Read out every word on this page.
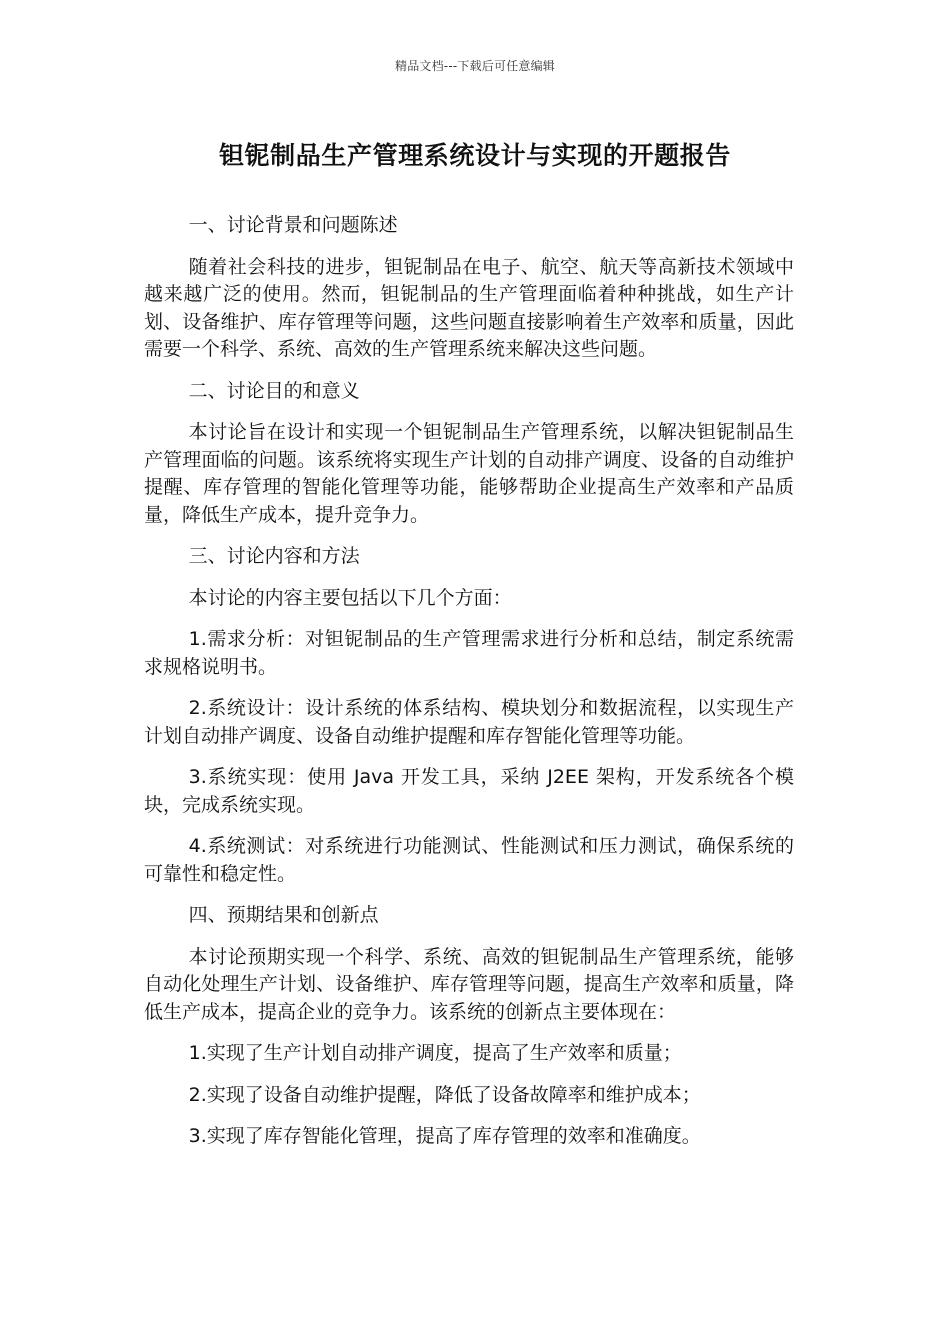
精品文档---下载后可任意编辑
钽铌制品生产管理系统设计与实现的开题报告

一、讨论背景和问题陈述

随着社会科技的进步，钽铌制品在电子、航空、航天等高新技术领域中越来越广泛的使用。然而，钽铌制品的生产管理面临着种种挑战，如生产计划、设备维护、库存管理等问题，这些问题直接影响着生产效率和质量，因此需要一个科学、系统、高效的生产管理系统来解决这些问题。

二、讨论目的和意义

本讨论旨在设计和实现一个钽铌制品生产管理系统，以解决钽铌制品生产管理面临的问题。该系统将实现生产计划的自动排产调度、设备的自动维护提醒、库存管理的智能化管理等功能，能够帮助企业提高生产效率和产品质量，降低生产成本，提升竞争力。

三、讨论内容和方法

本讨论的内容主要包括以下几个方面：

1.需求分析：对钽铌制品的生产管理需求进行分析和总结，制定系统需求规格说明书。

2.系统设计：设计系统的体系结构、模块划分和数据流程，以实现生产计划自动排产调度、设备自动维护提醒和库存智能化管理等功能。

3.系统实现：使用 Java 开发工具，采纳 J2EE 架构，开发系统各个模块，完成系统实现。

4.系统测试：对系统进行功能测试、性能测试和压力测试，确保系统的可靠性和稳定性。

四、预期结果和创新点

本讨论预期实现一个科学、系统、高效的钽铌制品生产管理系统，能够自动化处理生产计划、设备维护、库存管理等问题，提高生产效率和质量，降低生产成本，提高企业的竞争力。该系统的创新点主要体现在：

1.实现了生产计划自动排产调度，提高了生产效率和质量；

2.实现了设备自动维护提醒，降低了设备故障率和维护成本；

3.实现了库存智能化管理，提高了库存管理的效率和准确度。
